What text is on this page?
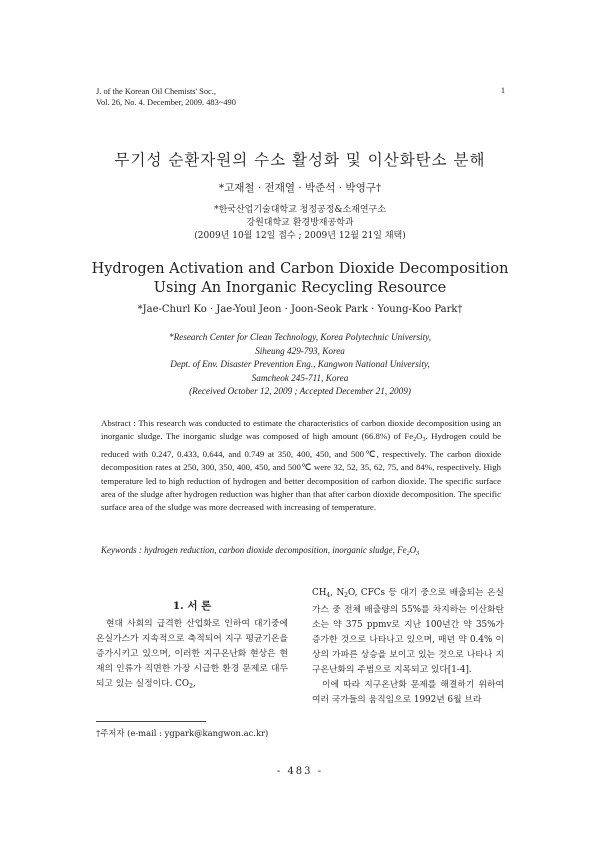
J. of the Korean Oil Chemists' Soc.,
Vol. 26, No. 4. December, 2009. 483~490
1
무기성 순환자원의 수소 활성화 및 이산화탄소 분해
*고재철 · 전재열 · 박준석 · 박영구†
*한국산업기술대학교 청정공정&소재연구소
강원대학교 환경방재공학과
(2009년 10월 12일 접수 ; 2009년 12월 21일 채택)
Hydrogen Activation and Carbon Dioxide Decomposition
Using An Inorganic Recycling Resource
*Jae-Churl Ko · Jae-Youl Jeon · Joon-Seok Park · Young-Koo Park†
*Research Center for Clean Technology, Korea Polytechnic University,
Siheung 429-793, Korea
Dept. of Env. Disaster Prevention Eng., Kangwon National University,
Samcheok 245-711, Korea
(Received October 12, 2009 ; Accepted December 21, 2009)
Abstract : This research was conducted to estimate the characteristics of carbon dioxide decomposition using an inorganic sludge. The inorganic sludge was composed of high amount (66.8%) of $Fe_2O_3$. Hydrogen could be reduced with 0.247, 0.433, 0.644, and 0.749 at 350, 400, 450, and 500℃, respectively. The carbon dioxide decomposition rates at 250, 300, 350, 400, 450, and 500℃ were 32, 52, 35, 62, 75, and 84%, respectively. High temperature led to high reduction of hydrogen and better decomposition of carbon dioxide. The specific surface area of the sludge after hydrogen reduction was higher than that after carbon dioxide decomposition. The specific surface area of the sludge was more decreased with increasing of temperature.
Keywords : hydrogen reduction, carbon dioxide decomposition, inorganic sludge, $Fe_2O_3$
1. 서 론
현대 사회의 급격한 산업화로 인하여 대기중에 온실가스가 지속적으로 축적되어 지구 평균기온을 증가시키고 있으며, 이러한 지구온난화 현상은 현재의 인류가 직면한 가장 시급한 환경 문제로 대두되고 있는 실정이다. $CO_2$,

$CH_4$, $N_2O$, CFCs 등 대기 중으로 배출되는 온실가스 중 전체 배출량의 55%를 차지하는 이산화탄소는 약 375 ppmv로 지난 100년간 약 35%가 증가한 것으로 나타나고 있으며, 매년 약 0.4% 이상의 가파른 상승을 보이고 있는 것으로 나타나 지구온난화의 주범으로 지목되고 있다[1-4].

이에 따라 지구온난화 문제를 해결하기 위하여 여러 국가들의 움직임으로 1992년 6월 브라

†주저자 (e-mail : ygpark@kangwon.ac.kr)
- 483 -
